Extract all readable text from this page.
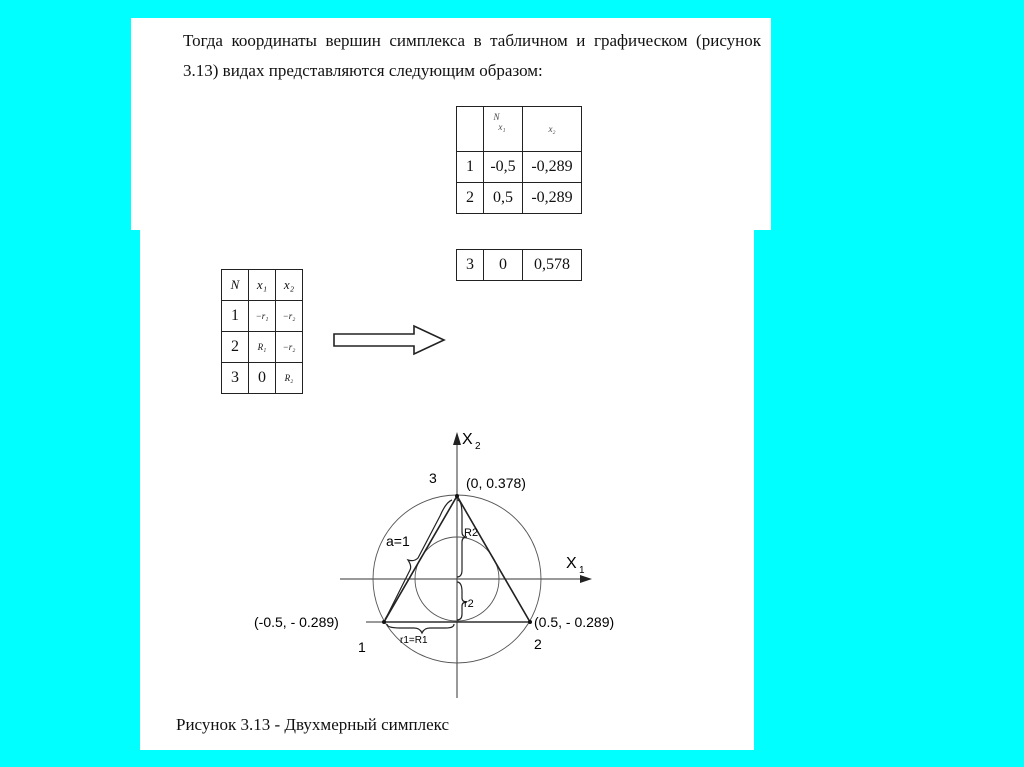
Тогда координаты вершин симплекса в табличном и графическом (рисунок 3.13) видах представляются следующим образом:
	x₁N	x₂
1	-0,5	-0,289
2	0,5	-0,289
3	0	0,578
N	x₁	x₂
1	−r₁	−r₂
2	R₁	−r₂
3	0	R₂
X 2
X 1
3 (0, 0.378)
1
(-0.5, - 0.289)
2
(0.5, - 0.289)
a=1	R2
r2
r1=R1
Рисунок 3.13 - Двухмерный симплекс
